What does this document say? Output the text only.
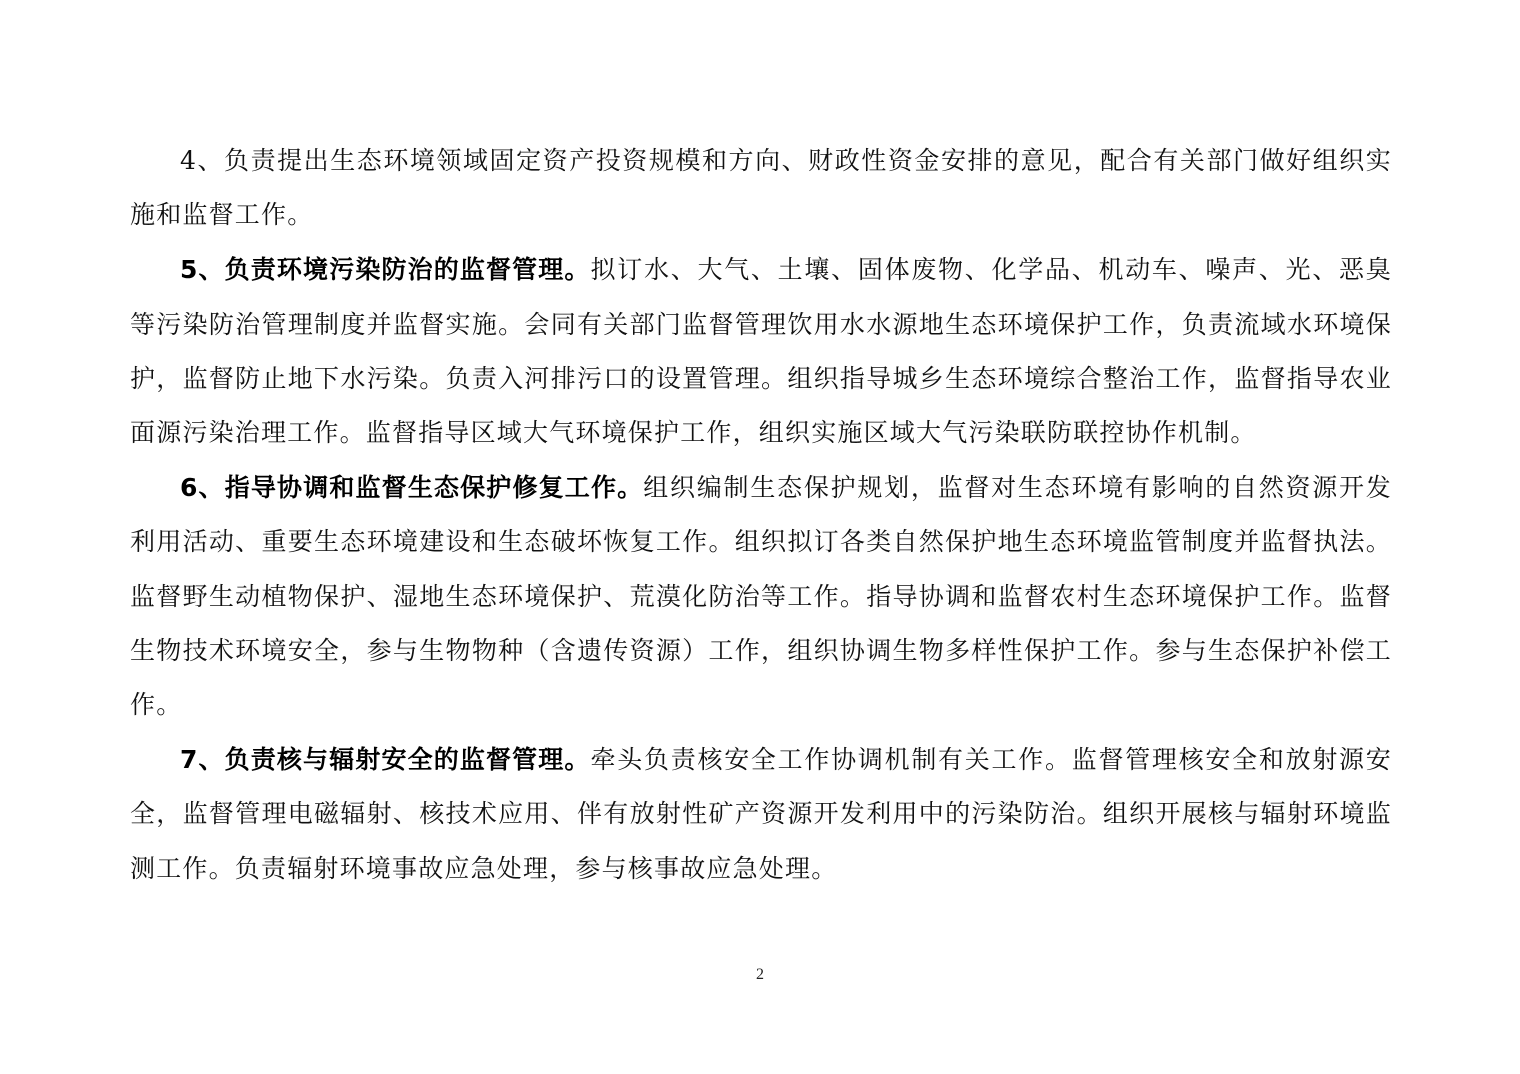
4、负责提出生态环境领域固定资产投资规模和方向、财政性资金安排的意见，配合有关部门做好组织实施和监督工作。

5、负责环境污染防治的监督管理。拟订水、大气、土壤、固体废物、化学品、机动车、噪声、光、恶臭等污染防治管理制度并监督实施。会同有关部门监督管理饮用水水源地生态环境保护工作，负责流域水环境保护，监督防止地下水污染。负责入河排污口的设置管理。组织指导城乡生态环境综合整治工作，监督指导农业面源污染治理工作。监督指导区域大气环境保护工作，组织实施区域大气污染联防联控协作机制。

6、指导协调和监督生态保护修复工作。组织编制生态保护规划，监督对生态环境有影响的自然资源开发利用活动、重要生态环境建设和生态破坏恢复工作。组织拟订各类自然保护地生态环境监管制度并监督执法。监督野生动植物保护、湿地生态环境保护、荒漠化防治等工作。指导协调和监督农村生态环境保护工作。监督生物技术环境安全，参与生物物种（含遗传资源）工作，组织协调生物多样性保护工作。参与生态保护补偿工作。

7、负责核与辐射安全的监督管理。牵头负责核安全工作协调机制有关工作。监督管理核安全和放射源安全，监督管理电磁辐射、核技术应用、伴有放射性矿产资源开发利用中的污染防治。组织开展核与辐射环境监测工作。负责辐射环境事故应急处理，参与核事故应急处理。

2
